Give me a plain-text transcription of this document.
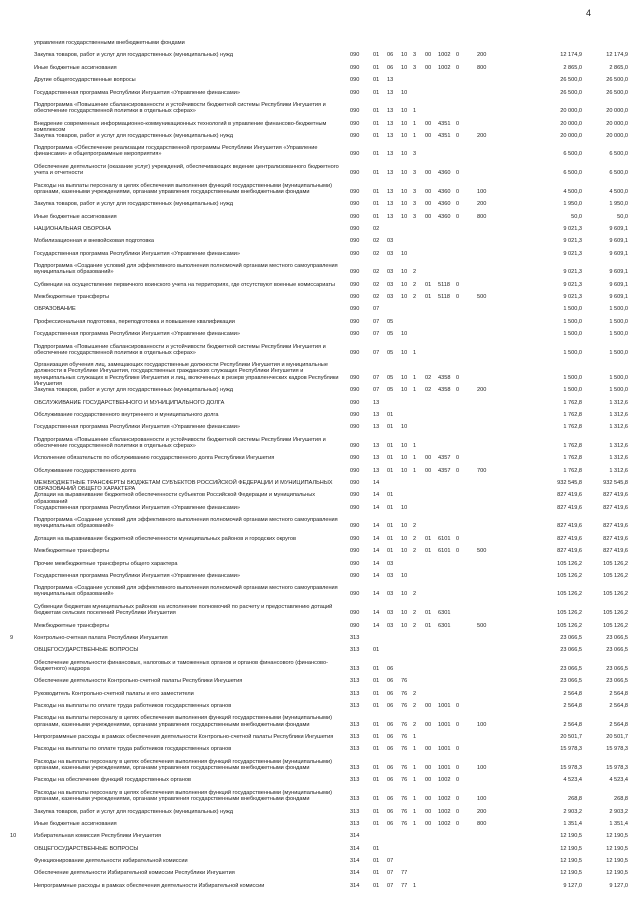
4
управления государственными внебюджетными фондами
Закупка товаров, работ и услуг для государственных (муниципальных) нужд	090 01 06 10 3 00 1002 0	200	12 174,9	12 174,9
Иные бюджетные ассигнования	090 01 06 10 3 00 1002 0	800	2 865,0	2 865,0
Другие общегосударственные вопросы	090 01 13	26 500,0	26 500,0
Государственная программа Республики Ингушетия «Управление финансами»	090 01 13 10	26 500,0	26 500,0
Подпрограмма «Повышение сбалансированности и устойчивости бюджетной системы Республики Ингушетия и обеспечение государственной политики в отдельных сферах»	090 01 13 10 1	20 000,0	20 000,0
Внедрение современных информационно-коммуникационных технологий в управление финансово-бюджетным комплексом
090 01 13 10 1 00 4351 0	20 000,0	20 000,0
Закупка товаров, работ и услуг для государственных (муниципальных) нужд	090 01 13 10 1 00 4351 0	200	20 000,0	20 000,0
Подпрограмма «Обеспечение реализации государственной программы Республики Ингушетия «Управление финансами» и общепрограммные мероприятия»	090 01 13 10 3	6 500,0	6 500,0
Обеспечение деятельности (оказание услуг) учреждений, обеспечивающих ведение централизованного бюджетного учета и отчетности	090 01 13 10 3 00 4360 0	6 500,0	6 500,0
Расходы на выплаты персоналу в целях обеспечения выполнения функций государственными (муниципальными) органами, казенными учреждениями, органами управления государственными внебюджетными фондами	090 01 13 10 3 00 4360 0	100	4 500,0	4 500,0
Закупка товаров, работ и услуг для государственных (муниципальных) нужд	090 01 13 10 3 00 4360 0	200	1 950,0	1 950,0
Иные бюджетные ассигнования	090 01 13 10 3 00 4360 0	800	50,0	50,0
НАЦИОНАЛЬНАЯ ОБОРОНА	090 02	9 021,3	9 609,1
Мобилизационная и вневойсковая подготовка	090 02 03	9 021,3	9 609,1
Государственная программа Республики Ингушетия «Управление финансами»	090 02 03 10	9 021,3	9 609,1
Подпрограмма «Создание условий для эффективного выполнения полномочий органами местного самоуправления муниципальных образований»	090 02 03 10 2	9 021,3	9 609,1
Субвенции на осуществление первичного воинского учета на территориях, где отсутствуют военные комиссариаты	090 02 03 10 2 01 5118 0	9 021,3	9 609,1
Межбюджетные трансферты	090 02 03 10 2 01 5118 0	500	9 021,3	9 609,1
ОБРАЗОВАНИЕ	090 07	1 500,0	1 500,0
Профессиональная подготовка, переподготовка и повышение квалификации	090 07 05	1 500,0	1 500,0
Государственная программа Республики Ингушетия «Управление финансами»	090 07 05 10	1 500,0	1 500,0
Подпрограмма «Повышение сбалансированности и устойчивости бюджетной системы Республики Ингушетия и обеспечение государственной политики в отдельных сферах»	090 07 05 10 1	1 500,0	1 500,0
Организация обучения лиц, замещающих государственные должности Республики Ингушетия и муниципальные должности в Республике Ингушетия, государственных гражданских служащих Республики Ингушетия и муниципальных служащих в Республике Ингушетия и лиц, включенных в резерв управленческих кадров Республики Ингушетия
090 07 05 10 1 02 4358 0	1 500,0	1 500,0
Закупка товаров, работ и услуг для государственных (муниципальных) нужд	090 07 05 10 1 02 4358 0	200	1 500,0	1 500,0
ОБСЛУЖИВАНИЕ ГОСУДАРСТВЕННОГО И МУНИЦИПАЛЬНОГО ДОЛГА	090 13	1 762,8	1 312,6
Обслуживание государственного внутреннего и муниципального долга	090 13 01	1 762,8	1 312,6
Государственная программа Республики Ингушетия «Управление финансами»	090 13 01 10	1 762,8	1 312,6
Подпрограмма «Повышение сбалансированности и устойчивости бюджетной системы Республики Ингушетия и обеспечение государственной политики в отдельных сферах»	090 13 01 10 1	1 762,8	1 312,6
Исполнение обязательств по обслуживанию государственного долга Республики Ингушетия	090 13 01 10 1 00 4357 0	1 762,8	1 312,6
Обслуживание государственного долга	090 13 01 10 1 00 4357 0	700	1 762,8	1 312,6
МЕЖБЮДЖЕТНЫЕ ТРАНСФЕРТЫ БЮДЖЕТАМ СУБЪЕКТОВ РОССИЙСКОЙ ФЕДЕРАЦИИ И МУНИЦИПАЛЬНЫХ ОБРАЗОВАНИЙ ОБЩЕГО ХАРАКТЕРА
090 14	932 545,8	932 545,8
Дотации на выравнивание бюджетной обеспеченности субъектов Российской Федерации и муниципальных образований
090 14 01	827 419,6	827 419,6
Государственная программа Республики Ингушетия «Управление финансами»	090 14 01 10	827 419,6	827 419,6
Подпрограмма «Создание условий для эффективного выполнения полномочий органами местного самоуправления муниципальных образований»	090 14 01 10 2	827 419,6	827 419,6
Дотация на выравнивание бюджетной обеспеченности муниципальных районов и городских округов	090 14 01 10 2 01 6101 0	827 419,6	827 419,6
Межбюджетные трансферты	090 14 01 10 2 01 6101 0	500	827 419,6	827 419,6
Прочие межбюджетные трансферты общего характера	090 14 03	105 126,2	105 126,2
Государственная программа Республики Ингушетия «Управление финансами»	090 14 03 10	105 126,2	105 126,2
Подпрограмма «Создание условий для эффективного выполнения полномочий органами местного самоуправления муниципальных образований»	090 14 03 10 2	105 126,2	105 126,2
Субвенции бюджетам муниципальных районов на исполнение полномочий по расчету и предоставлению дотаций бюджетам сельских поселений Республики Ингушетия	090 14 03 10 2 01 6301	105 126,2	105 126,2
Межбюджетные трансферты	090 14 03 10 2 01 6301	500	105 126,2	105 126,2
9	Контрольно-счетная палата Республики Ингушетия	313	23 066,5	23 066,5
ОБЩЕГОСУДАРСТВЕННЫЕ ВОПРОСЫ	313 01	23 066,5	23 066,5
Обеспечение деятельности финансовых, налоговых и таможенных органов и органов финансового (финансово-бюджетного) надзора	313 01 06	23 066,5	23 066,5
Обеспечение деятельности Контрольно-счетной палаты Республики Ингушетия	313 01 06 76	23 066,5	23 066,5
Руководитель Контрольно-счетной палаты и его заместители	313 01 06 76 2	2 564,8	2 564,8
Расходы на выплаты по оплате труда работников государственных органов	313 01 06 76 2 00 1001 0	2 564,8	2 564,8
Расходы на выплаты персоналу в целях обеспечения выполнения функций государственными (муниципальными) органами, казенными учреждениями, органами управления государственными внебюджетными фондами	313 01 06 76 2 00 1001 0	100	2 564,8	2 564,8
Непрограммные расходы в рамках обеспечения деятельности Контрольно-счетной палаты Республики Ингушетия	313 01 06 76 1	20 501,7	20 501,7
Расходы на выплаты по оплате труда работников государственных органов	313 01 06 76 1 00 1001 0	15 978,3	15 978,3
Расходы на выплаты персоналу в целях обеспечения выполнения функций государственными (муниципальными) органами, казенными учреждениями, органами управления государственными внебюджетными фондами	313 01 06 76 1 00 1001 0	100	15 978,3	15 978,3
Расходы на обеспечение функций государственных органов	313 01 06 76 1 00 1002 0	4 523,4	4 523,4
Расходы на выплаты персоналу в целях обеспечения выполнения функций государственными (муниципальными) органами, казенными учреждениями, органами управления государственными внебюджетными фондами	313 01 06 76 1 00 1002 0	100	268,8	268,8
Закупка товаров, работ и услуг для государственных (муниципальных) нужд	313 01 06 76 1 00 1002 0	200	2 903,2	2 903,2
Иные бюджетные ассигнования	313 01 06 76 1 00 1002 0	800	1 351,4	1 351,4
10	Избирательная комиссия Республики Ингушетия	314	12 190,5	12 190,5
ОБЩЕГОСУДАРСТВЕННЫЕ ВОПРОСЫ	314 01	12 190,5	12 190,5
Функционирование деятельности избирательной комиссии	314 01 07	12 190,5	12 190,5
Обеспечение деятельности Избирательной комиссии Республики Ингушетия	314 01 07 77	12 190,5	12 190,5
Непрограммные расходы в рамках обеспечения деятельности Избирательной комиссии	314 01 07 77 1	9 127,0	9 127,0
